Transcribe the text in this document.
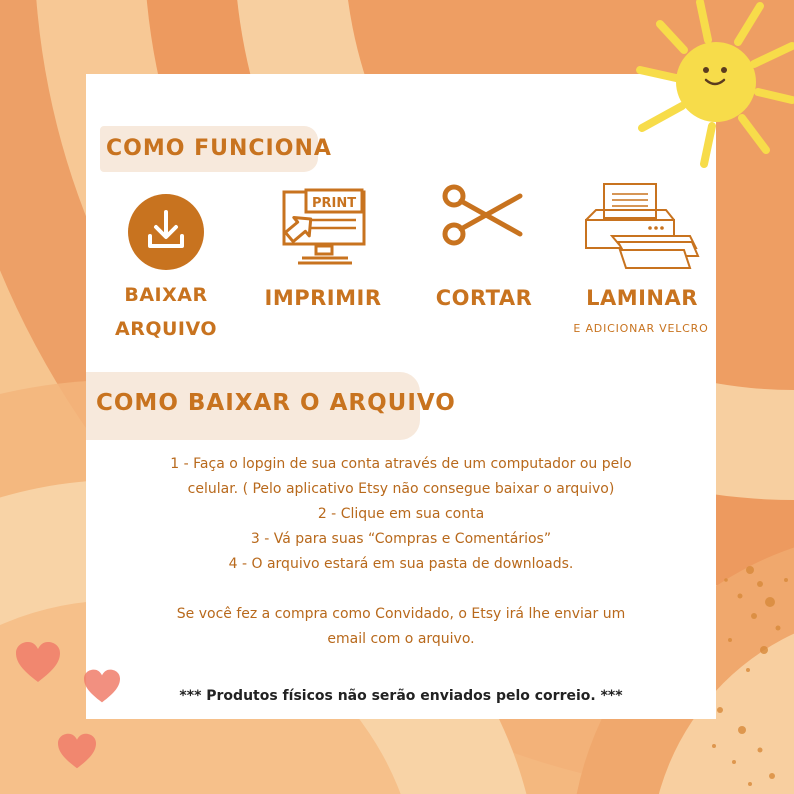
COMO FUNCIONA
BAIXAR
ARQUIVO
PRINT
IMPRIMIR	CORTAR	LAMINAR
E ADICIONAR VELCRO
COMO BAIXAR O ARQUIVO
1 - Faça o lopgin de sua conta através de um computador ou pelo
celular. ( Pelo aplicativo Etsy não consegue baixar o arquivo)
2 - Clique em sua conta
3 - Vá para suas “Compras e Comentários”
4 - O arquivo estará em sua pasta de downloads.
Se você fez a compra como Convidado, o Etsy irá lhe enviar um
email com o arquivo.
*** Produtos físicos não serão enviados pelo correio. ***
